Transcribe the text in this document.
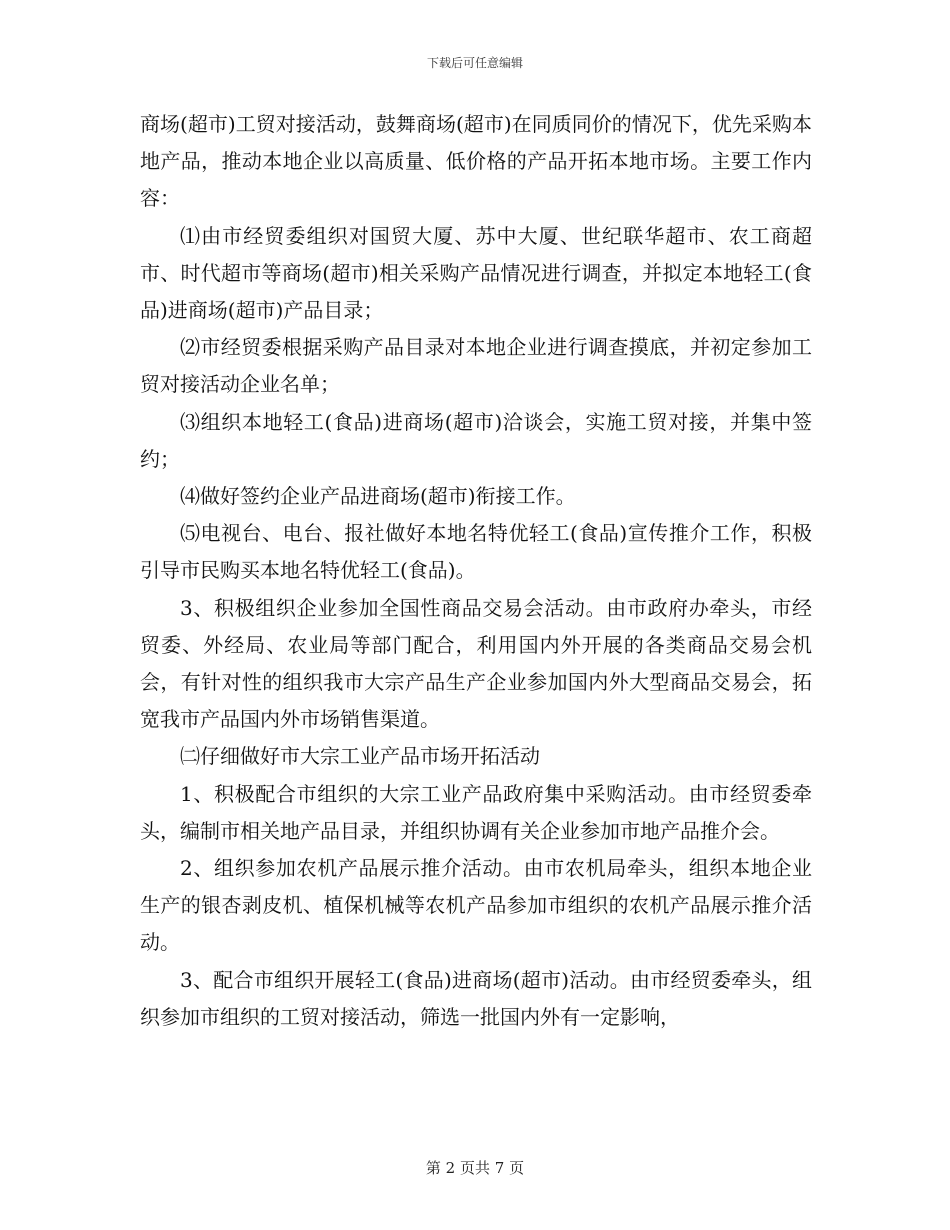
下载后可任意编辑

商场(超市)工贸对接活动，鼓舞商场(超市)在同质同价的情况下，优先采购本地产品，推动本地企业以高质量、低价格的产品开拓本地市场。主要工作内容：

⑴由市经贸委组织对国贸大厦、苏中大厦、世纪联华超市、农工商超市、时代超市等商场(超市)相关采购产品情况进行调查，并拟定本地轻工(食品)进商场(超市)产品目录；

⑵市经贸委根据采购产品目录对本地企业进行调查摸底，并初定参加工贸对接活动企业名单；

⑶组织本地轻工(食品)进商场(超市)洽谈会，实施工贸对接，并集中签约；

⑷做好签约企业产品进商场(超市)衔接工作。

⑸电视台、电台、报社做好本地名特优轻工(食品)宣传推介工作，积极引导市民购买本地名特优轻工(食品)。

3、积极组织企业参加全国性商品交易会活动。由市政府办牵头，市经贸委、外经局、农业局等部门配合，利用国内外开展的各类商品交易会机会，有针对性的组织我市大宗产品生产企业参加国内外大型商品交易会，拓宽我市产品国内外市场销售渠道。

㈡仔细做好市大宗工业产品市场开拓活动

1、积极配合市组织的大宗工业产品政府集中采购活动。由市经贸委牵头，编制市相关地产品目录，并组织协调有关企业参加市地产品推介会。

2、组织参加农机产品展示推介活动。由市农机局牵头，组织本地企业生产的银杏剥皮机、植保机械等农机产品参加市组织的农机产品展示推介活动。

3、配合市组织开展轻工(食品)进商场(超市)活动。由市经贸委牵头，组织参加市组织的工贸对接活动，筛选一批国内外有一定影响，

第 2 页共 7 页
